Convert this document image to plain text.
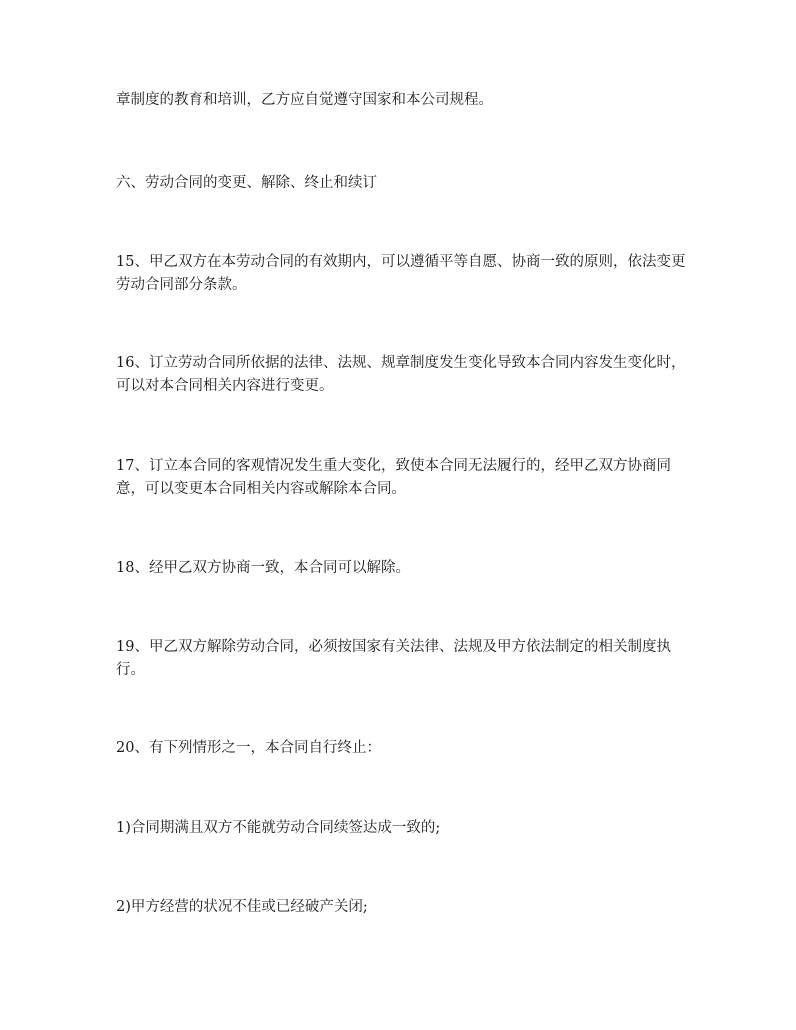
章制度的教育和培训，乙方应自觉遵守国家和本公司规程。

六、劳动合同的变更、解除、终止和续订

15、甲乙双方在本劳动合同的有效期内，可以遵循平等自愿、协商一致的原则，依法变更劳动合同部分条款。

16、订立劳动合同所依据的法律、法规、规章制度发生变化导致本合同内容发生变化时，可以对本合同相关内容进行变更。

17、订立本合同的客观情况发生重大变化，致使本合同无法履行的，经甲乙双方协商同意，可以变更本合同相关内容或解除本合同。

18、经甲乙双方协商一致，本合同可以解除。

19、甲乙双方解除劳动合同，必须按国家有关法律、法规及甲方依法制定的相关制度执行。

20、有下列情形之一，本合同自行终止：

1)合同期满且双方不能就劳动合同续签达成一致的;

2)甲方经营的状况不佳或已经破产关闭;
